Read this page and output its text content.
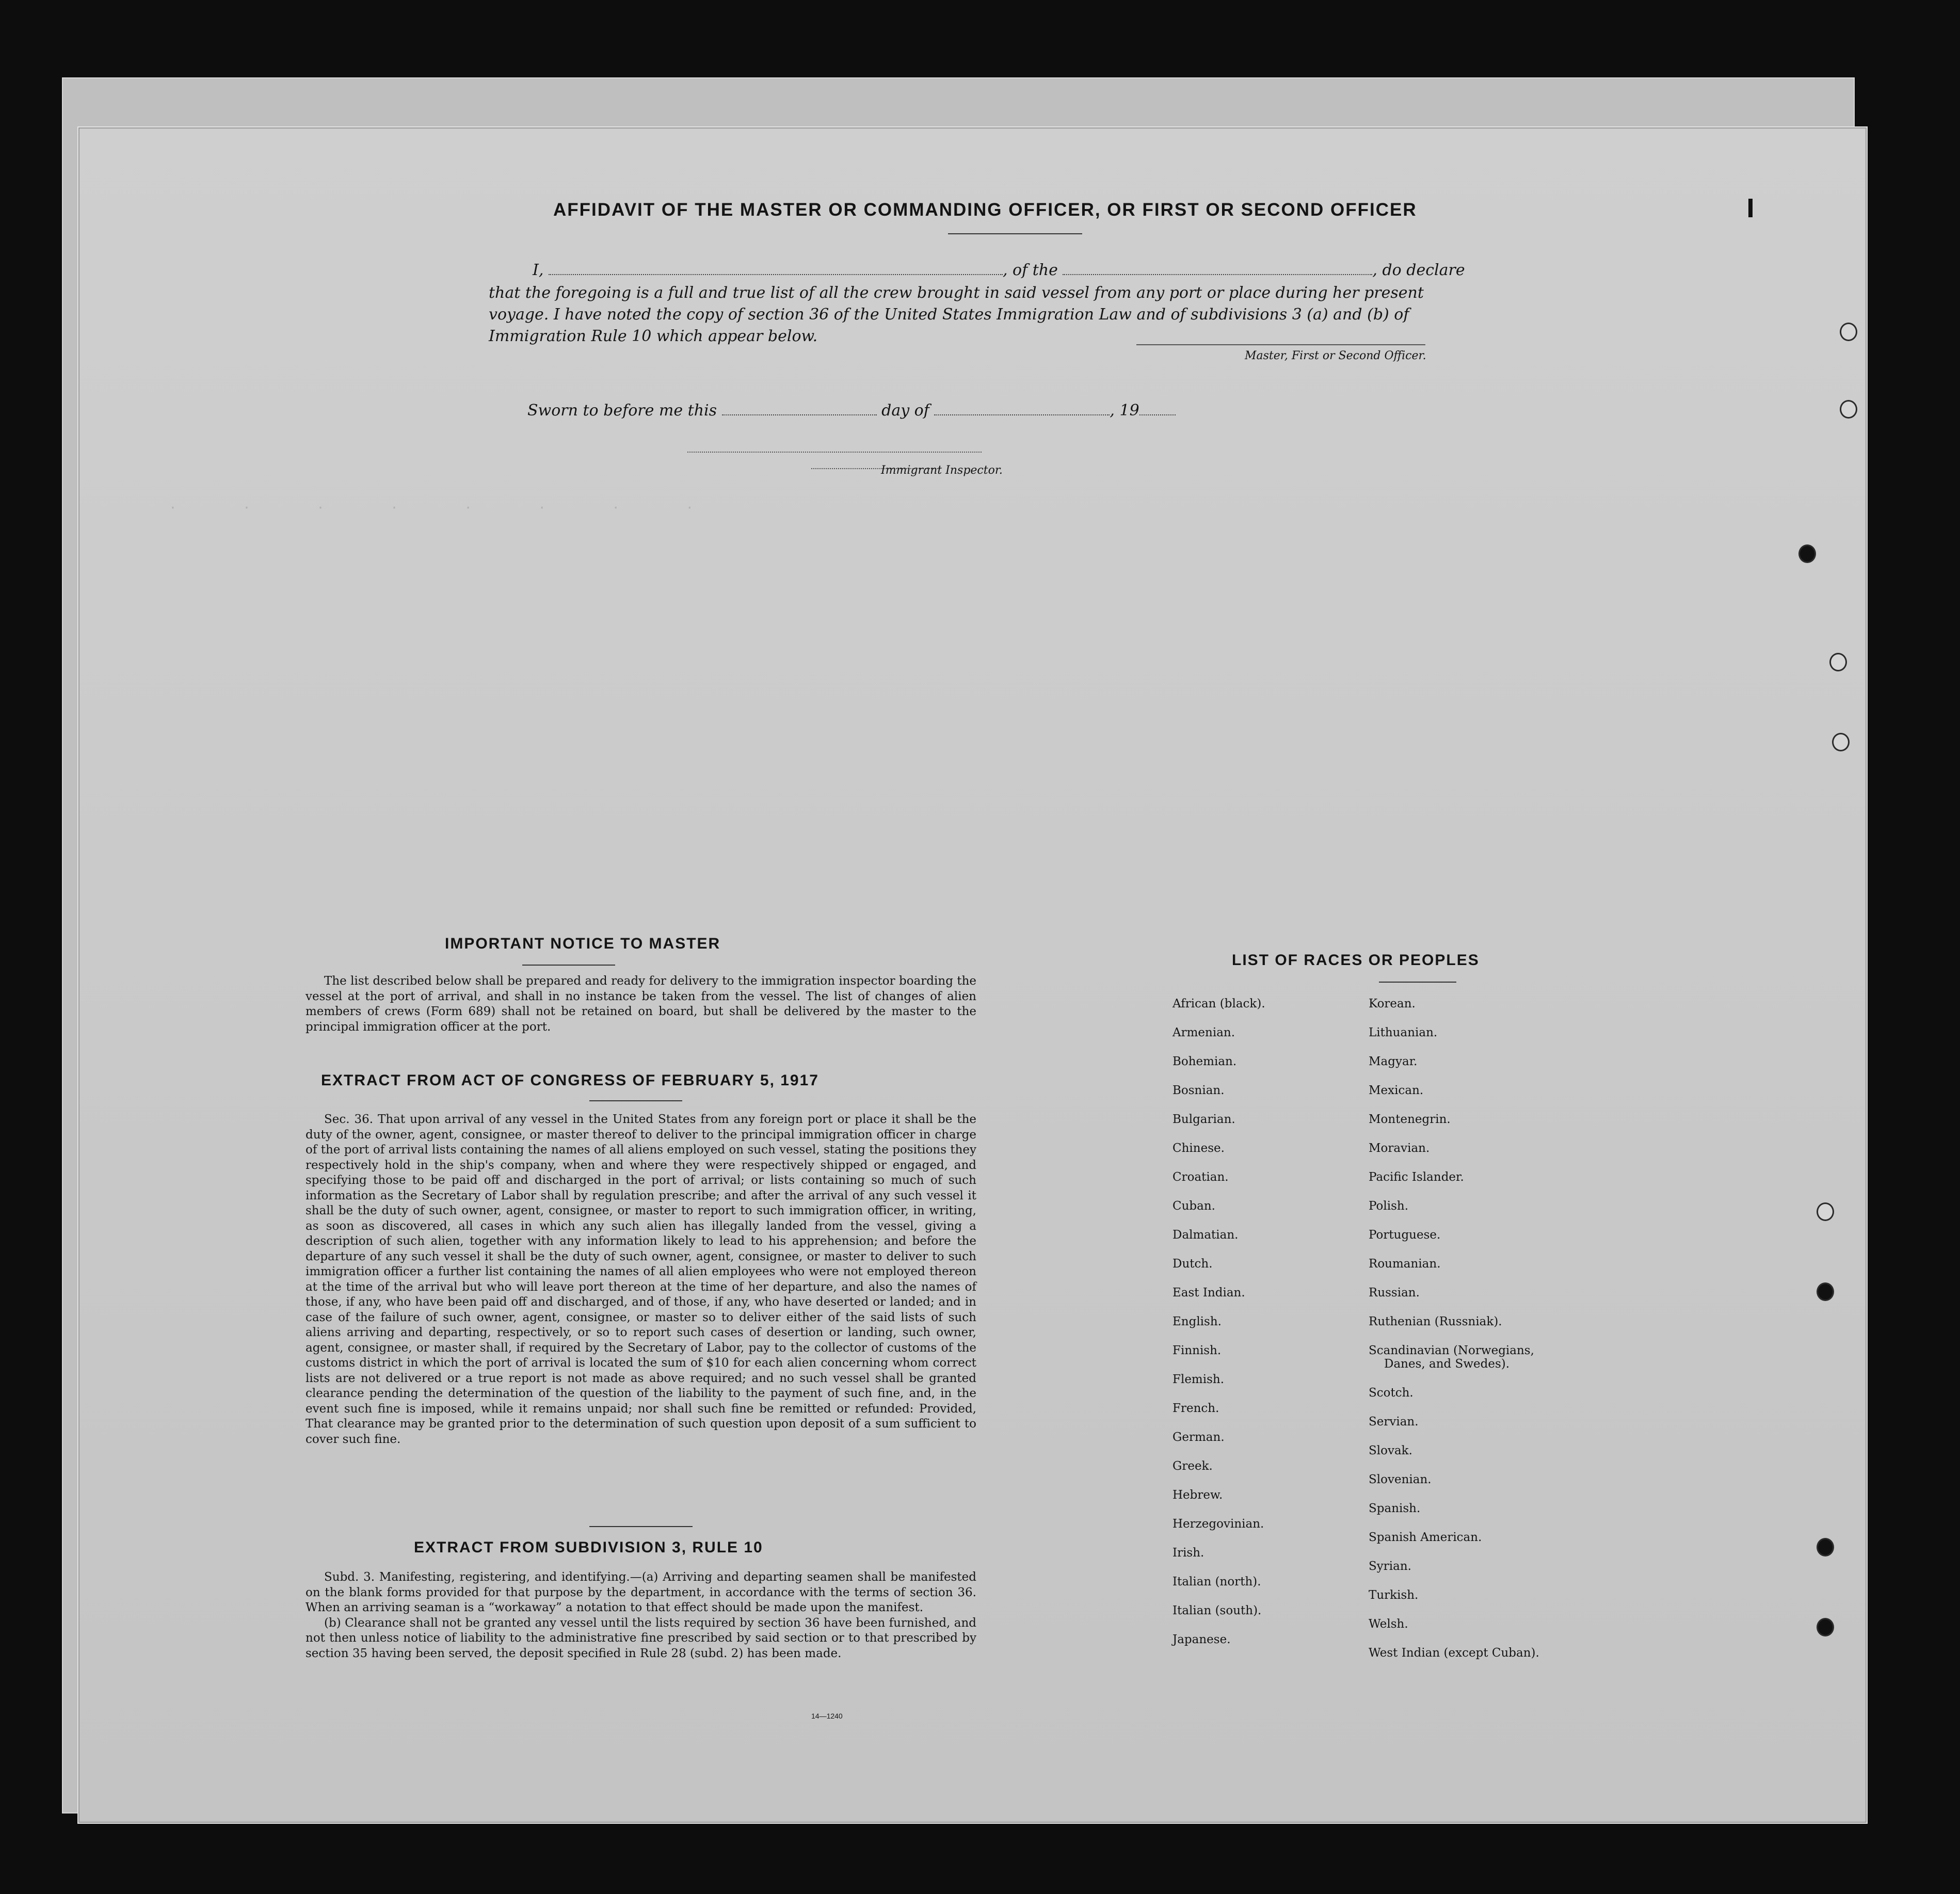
AFFIDAVIT OF THE MASTER OR COMMANDING OFFICER, OR FIRST OR SECOND OFFICER
I,	, of the	, do declare
that the foregoing is a full and true list of all the crew brought in said vessel from any port or place during her present
voyage. I have noted the copy of section 36 of the United States Immigration Law and of subdivisions 3 (a) and (b) of
Immigration Rule 10 which appear below.
Master, First or Second Officer.
Sworn to before me this	day of	, 19
Immigrant Inspector.
·              ·              ·              ·              ·              ·              ·              ·
IMPORTANT NOTICE TO MASTER

The list described below shall be prepared and ready for delivery to the immigration inspector boarding the vessel at the port of arrival, and shall in no instance be taken from the vessel. The list of changes of alien members of crews (Form 689) shall not be retained on board, but shall be delivered by the master to the principal immigration officer at the port.

EXTRACT FROM ACT OF CONGRESS OF FEBRUARY 5, 1917

Sec. 36. That upon arrival of any vessel in the United States from any foreign port or place it shall be the duty of the owner, agent, consignee, or master thereof to deliver to the principal immigration officer in charge of the port of arrival lists containing the names of all aliens employed on such vessel, stating the positions they respectively hold in the ship's company, when and where they were respectively shipped or engaged, and specifying those to be paid off and discharged in the port of arrival; or lists containing so much of such information as the Secretary of Labor shall by regulation prescribe; and after the arrival of any such vessel it shall be the duty of such owner, agent, consignee, or master to report to such immigration officer, in writing, as soon as discovered, all cases in which any such alien has illegally landed from the vessel, giving a description of such alien, together with any information likely to lead to his apprehension; and before the departure of any such vessel it shall be the duty of such owner, agent, consignee, or master to deliver to such immigration officer a further list containing the names of all alien employees who were not employed thereon at the time of the arrival but who will leave port thereon at the time of her departure, and also the names of those, if any, who have been paid off and discharged, and of those, if any, who have deserted or landed; and in case of the failure of such owner, agent, consignee, or master so to deliver either of the said lists of such aliens arriving and departing, respectively, or so to report such cases of desertion or landing, such owner, agent, consignee, or master shall, if required by the Secretary of Labor, pay to the collector of customs of the customs district in which the port of arrival is located the sum of $10 for each alien concerning whom correct lists are not delivered or a true report is not made as above required; and no such vessel shall be granted clearance pending the determination of the question of the liability to the payment of such fine, and, in the event such fine is imposed, while it remains unpaid; nor shall such fine be remitted or refunded: Provided, That clearance may be granted prior to the determination of such question upon deposit of a sum sufficient to cover such fine.

EXTRACT FROM SUBDIVISION 3, RULE 10

Subd. 3. Manifesting, registering, and identifying.—(a) Arriving and departing seamen shall be manifested on the blank forms provided for that purpose by the department, in accordance with the terms of section 36. When an arriving seaman is a “workaway” a notation to that effect should be made upon the manifest.

(b) Clearance shall not be granted any vessel until the lists required by section 36 have been furnished, and not then unless notice of liability to the administrative fine prescribed by said section or to that prescribed by section 35 having been served, the deposit specified in Rule 28 (subd. 2) has been made.

14—1240
LIST OF RACES OR PEOPLES
African (black).
Armenian.
Bohemian.
Bosnian.
Bulgarian.
Chinese.
Croatian.
Cuban.
Dalmatian.
Dutch.
East Indian.
English.
Finnish.
Flemish.
French.
German.
Greek.
Hebrew.
Herzegovinian.
Irish.
Italian (north).
Italian (south).
Japanese.
Korean.
Lithuanian.
Magyar.
Mexican.
Montenegrin.
Moravian.
Pacific Islander.
Polish.
Portuguese.
Roumanian.
Russian.
Ruthenian (Russniak).
Scandinavian (Norwegians,
Danes, and Swedes).
Scotch.
Servian.
Slovak.
Slovenian.
Spanish.
Spanish American.
Syrian.
Turkish.
Welsh.
West Indian (except Cuban).
